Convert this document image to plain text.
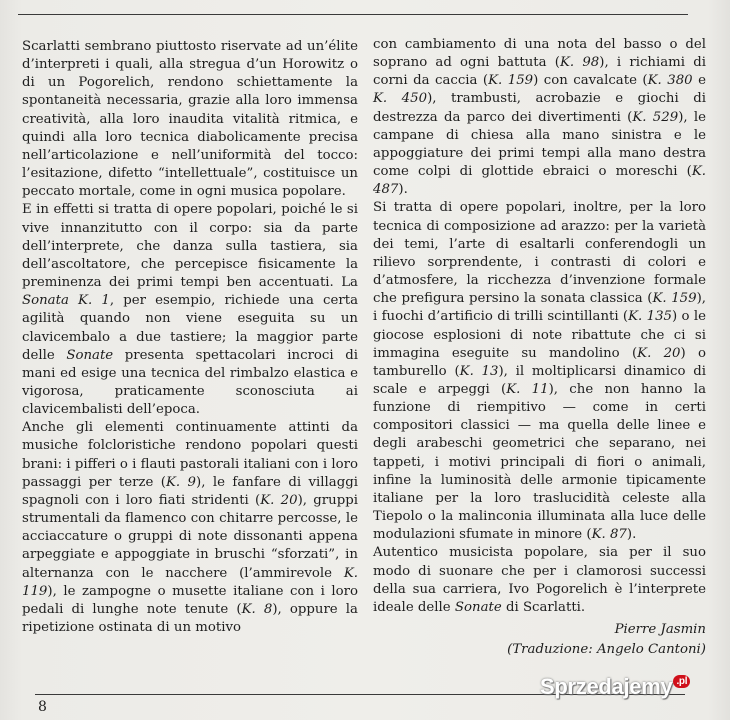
Scarlatti sembrano piuttosto riservate ad un’élite d’interpreti i quali, alla stregua d’un Horowitz o di un Pogorelich, rendono schiettamente la spontaneità necessaria, grazie alla loro immensa creatività, alla loro inaudita vitalità ritmica, e quindi alla loro tecnica diabolicamente precisa nell’articolazione e nell’uniformità del tocco: l’esitazione, difetto “intellettuale”, costituisce un peccato mortale, come in ogni musica popolare.

E in effetti si tratta di opere popolari, poiché le si vive innanzitutto con il corpo: sia da parte dell’interprete, che danza sulla tastiera, sia dell’ascoltatore, che percepisce fisicamente la preminenza dei primi tempi ben accentuati. La Sonata K. 1, per esempio, richiede una certa agilità quando non viene eseguita su un clavicembalo a due tastiere; la maggior parte delle Sonate presenta spettacolari incroci di mani ed esige una tecnica del rimbalzo elastica e vigorosa, praticamente sconosciuta ai clavicembalisti dell’epoca.

Anche gli elementi continuamente attinti da musiche folcloristiche rendono popolari questi brani: i pifferi o i flauti pastorali italiani con i loro passaggi per terze (K. 9), le fanfare di villaggi spagnoli con i loro fiati stridenti (K. 20), gruppi strumentali da flamenco con chitarre percosse, le acciaccature o gruppi di note dissonanti appena arpeggiate e appoggiate in bruschi “sforzati”, in alternanza con le nacchere (l’ammirevole K. 119), le zampogne o musette italiane con i loro pedali di lunghe note tenute (K. 8), oppure la ripetizione ostinata di un motivo

con cambiamento di una nota del basso o del soprano ad ogni battuta (K. 98), i richiami di corni da caccia (K. 159) con cavalcate (K. 380 e K. 450), trambusti, acrobazie e giochi di destrezza da parco dei divertimenti (K. 529), le campane di chiesa alla mano sinistra e le appoggiature dei primi tempi alla mano destra come colpi di glottide ebraici o moreschi (K. 487).

Si tratta di opere popolari, inoltre, per la loro tecnica di composizione ad arazzo: per la varietà dei temi, l’arte di esaltarli conferendogli un rilievo sorprendente, i contrasti di colori e d’atmosfere, la ricchezza d’invenzione formale che prefigura persino la sonata classica (K. 159), i fuochi d’artificio di trilli scintillanti (K. 135) o le giocose esplosioni di note ribattute che ci si immagina eseguite su mandolino (K. 20) o tamburello (K. 13), il moltiplicarsi dinamico di scale e arpeggi (K. 11), che non hanno la funzione di riempitivo — come in certi compositori classici — ma quella delle linee e degli arabeschi geometrici che separano, nei tappeti, i motivi principali di fiori o animali, infine la luminosità delle armonie tipicamente italiane per la loro traslucidità celeste alla Tiepolo o la malinconia illuminata alla luce delle modulazioni sfumate in minore (K. 87).

Autentico musicista popolare, sia per il suo modo di suonare che per i clamorosi successi della sua carriera, Ivo Pogorelich è l’interprete ideale delle Sonate di Scarlatti.

Pierre Jasmin
(Traduzione: Angelo Cantoni)
8
Sprzedajemy .pl
